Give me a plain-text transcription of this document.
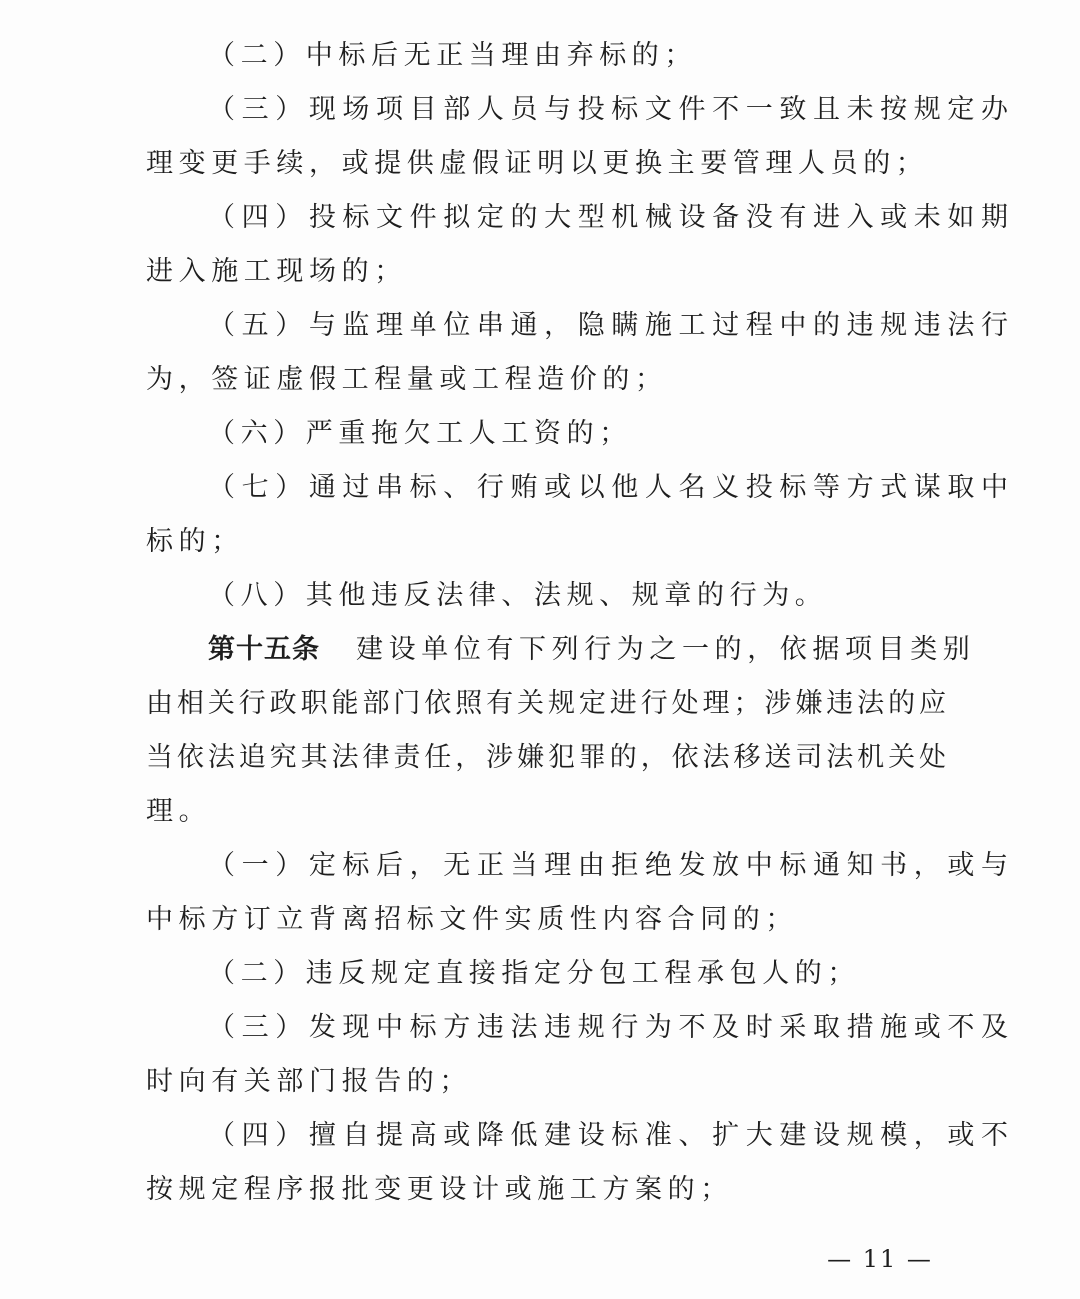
（二）中标后无正当理由弃标的；
（三）现场项目部人员与投标文件不一致且未按规定办
理变更手续，或提供虚假证明以更换主要管理人员的；
（四）投标文件拟定的大型机械设备没有进入或未如期
进入施工现场的；
（五）与监理单位串通，隐瞒施工过程中的违规违法行
为，签证虚假工程量或工程造价的；
（六）严重拖欠工人工资的；
（七）通过串标、行贿或以他人名义投标等方式谋取中
标的；
（八）其他违反法律、法规、规章的行为。
第十五条 建设单位有下列行为之一的，依据项目类别
由相关行政职能部门依照有关规定进行处理；涉嫌违法的应
当依法追究其法律责任，涉嫌犯罪的，依法移送司法机关处
理。
（一）定标后，无正当理由拒绝发放中标通知书，或与
中标方订立背离招标文件实质性内容合同的；
（二）违反规定直接指定分包工程承包人的；
（三）发现中标方违法违规行为不及时采取措施或不及
时向有关部门报告的；
（四）擅自提高或降低建设标准、扩大建设规模，或不
按规定程序报批变更设计或施工方案的；
— 11 —
